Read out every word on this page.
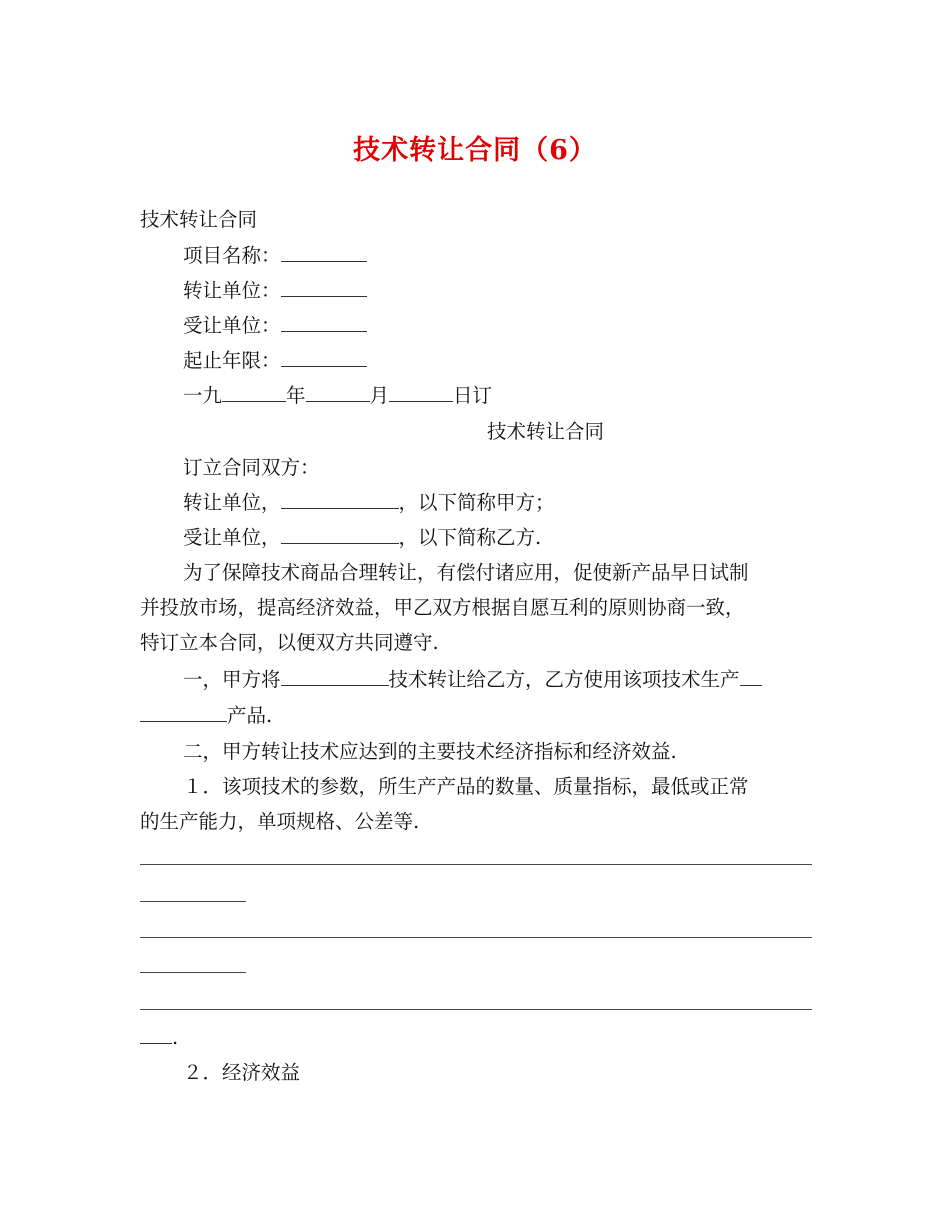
技术转让合同（6）
技术转让合同
项目名称：
转让单位：
受让单位：
起止年限：
一九	年	月	日订
技术转让合同
订立合同双方：
转让单位，	，以下简称甲方；
受让单位，	，以下简称乙方.
为了保障技术商品合理转让，有偿付诸应用，促使新产品早日试制
并投放市场，提高经济效益，甲乙双方根据自愿互利的原则协商一致，
特订立本合同，以便双方共同遵守.
一，甲方将	技术转让给乙方，乙方使用该项技术生产
产品.
二，甲方转让技术应达到的主要技术经济指标和经济效益.
１．该项技术的参数，所生产产品的数量、质量指标，最低或正常
的生产能力，单项规格、公差等.
.
２．经济效益
